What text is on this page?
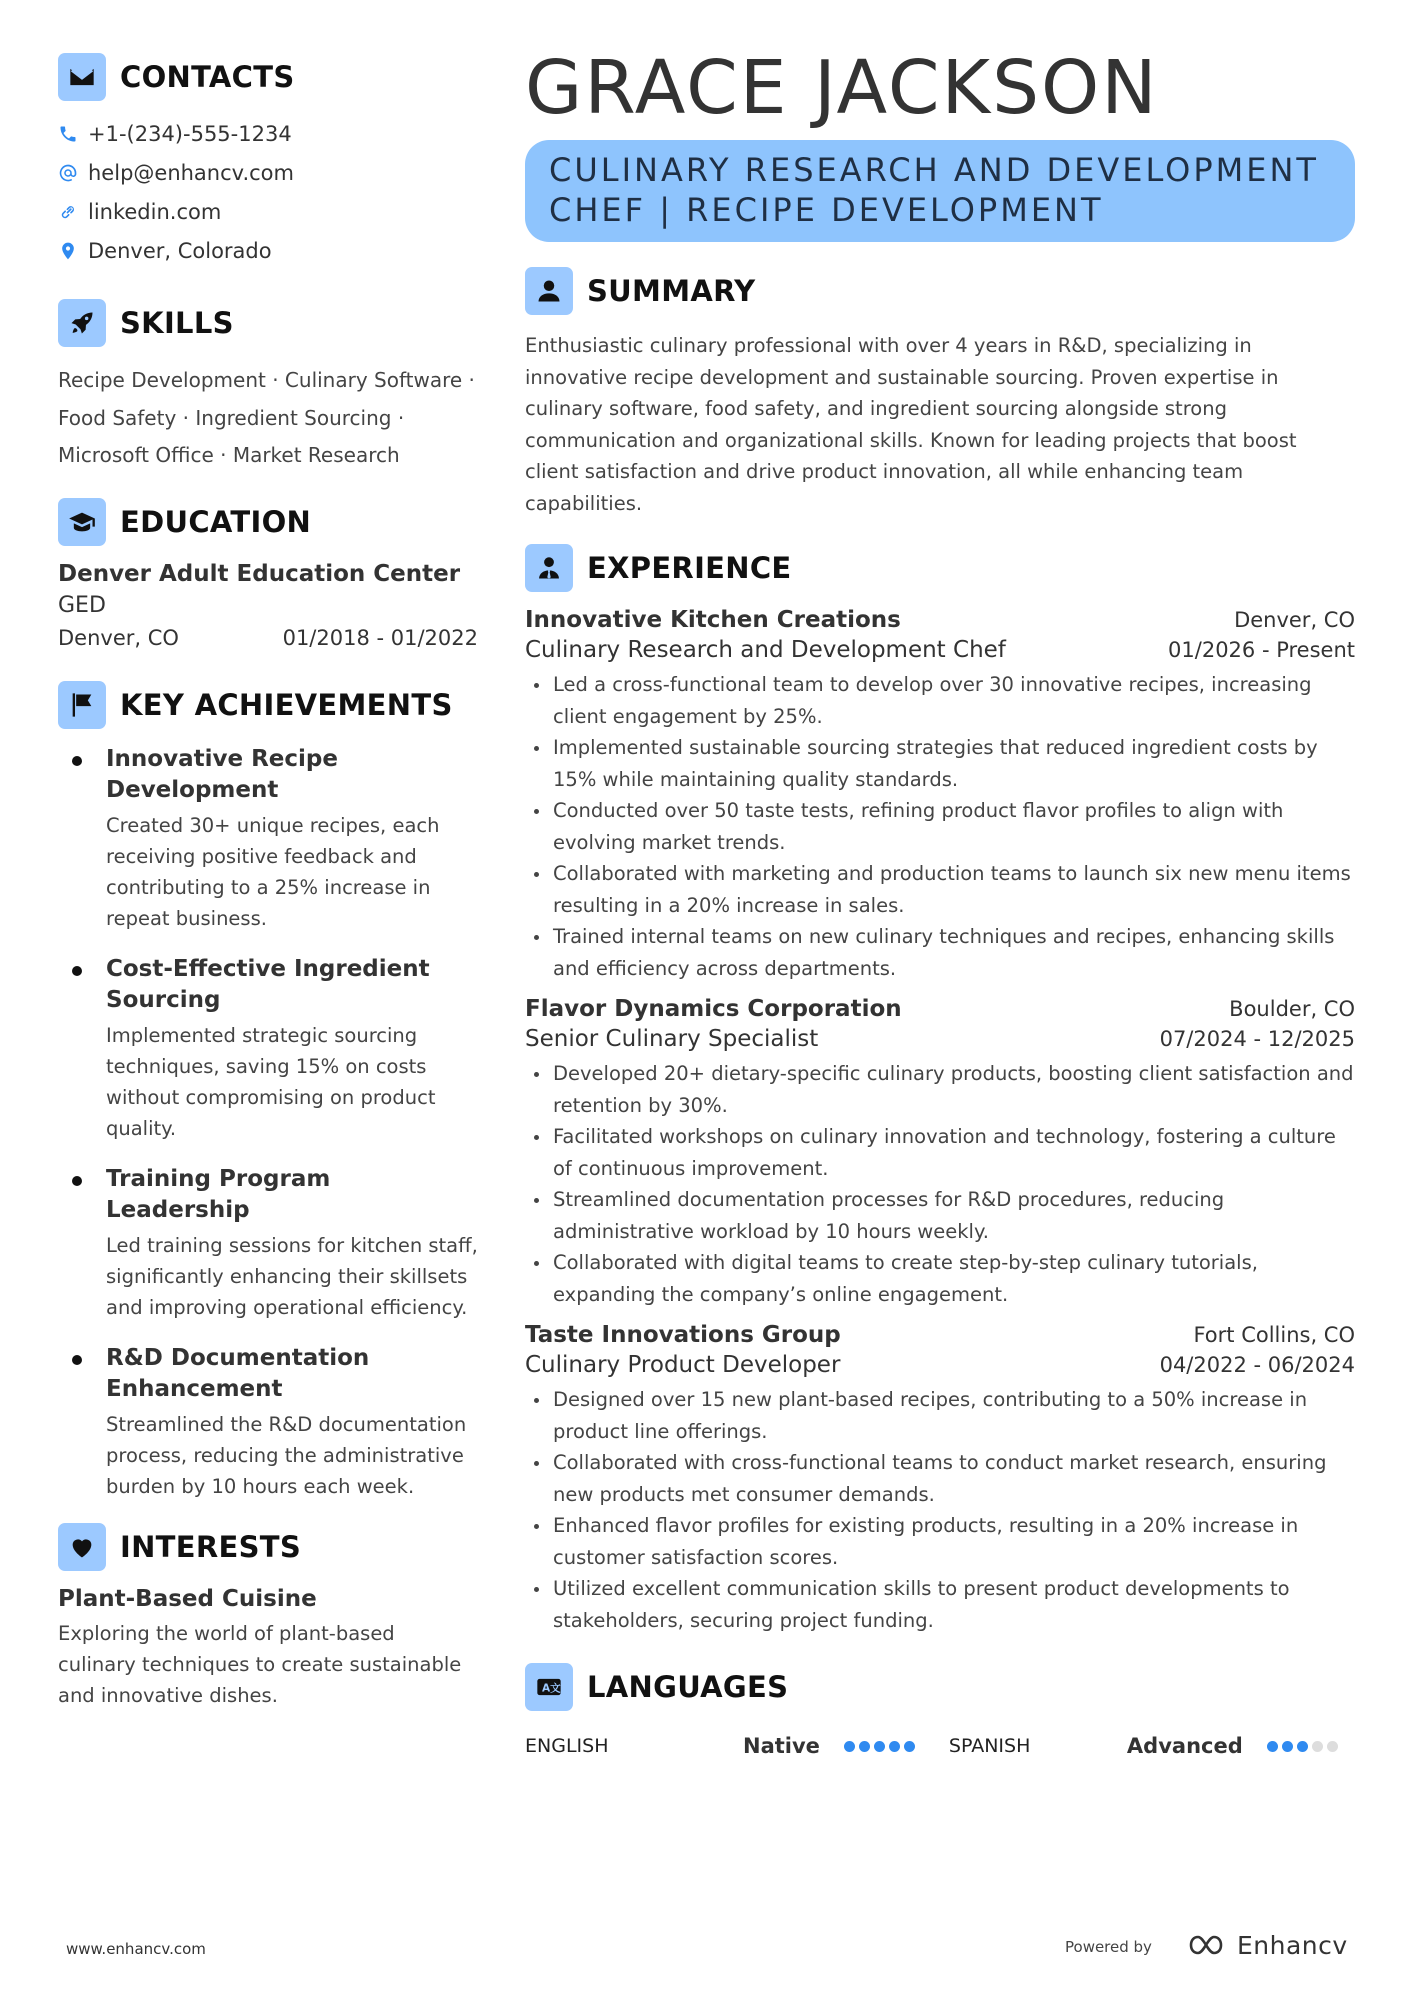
CONTACTS
+1-(234)-555-1234
help@enhancv.com
linkedin.com
Denver, Colorado
SKILLS
Recipe Development · Culinary Software ·
Food Safety · Ingredient Sourcing ·
Microsoft Office · Market Research
EDUCATION
Denver Adult Education Center
GED
Denver, CO	01/2018 - 01/2022
KEY ACHIEVEMENTS
Innovative Recipe Development
Created 30+ unique recipes, each receiving positive feedback and contributing to a 25% increase in repeat business.
Cost-Effective Ingredient Sourcing
Implemented strategic sourcing techniques, saving 15% on costs without compromising on product quality.
Training Program Leadership
Led training sessions for kitchen staff, significantly enhancing their skillsets and improving operational efficiency.
R&D Documentation Enhancement
Streamlined the R&D documentation process, reducing the administrative burden by 10 hours each week.
INTERESTS
Plant-Based Cuisine
Exploring the world of plant-based culinary techniques to create sustainable and innovative dishes.
GRACE JACKSON
CULINARY RESEARCH AND DEVELOPMENT CHEF | RECIPE DEVELOPMENT
SUMMARY
Enthusiastic culinary professional with over 4 years in R&D, specializing in innovative recipe development and sustainable sourcing. Proven expertise in culinary software, food safety, and ingredient sourcing alongside strong communication and organizational skills. Known for leading projects that boost client satisfaction and drive product innovation, all while enhancing team capabilities.
EXPERIENCE
Innovative Kitchen Creations	Denver, CO
Culinary Research and Development Chef	01/2026 - Present
Led a cross-functional team to develop over 30 innovative recipes, increasing client engagement by 25%.
Implemented sustainable sourcing strategies that reduced ingredient costs by 15% while maintaining quality standards.
Conducted over 50 taste tests, refining product flavor profiles to align with evolving market trends.
Collaborated with marketing and production teams to launch six new menu items resulting in a 20% increase in sales.
Trained internal teams on new culinary techniques and recipes, enhancing skills and efficiency across departments.
Flavor Dynamics Corporation	Boulder, CO
Senior Culinary Specialist	07/2024 - 12/2025
Developed 20+ dietary-specific culinary products, boosting client satisfaction and retention by 30%.
Facilitated workshops on culinary innovation and technology, fostering a culture of continuous improvement.
Streamlined documentation processes for R&D procedures, reducing administrative workload by 10 hours weekly.
Collaborated with digital teams to create step-by-step culinary tutorials, expanding the company’s online engagement.
Taste Innovations Group	Fort Collins, CO
Culinary Product Developer	04/2022 - 06/2024
Designed over 15 new plant-based recipes, contributing to a 50% increase in product line offerings.
Collaborated with cross-functional teams to conduct market research, ensuring new products met consumer demands.
Enhanced flavor profiles for existing products, resulting in a 20% increase in customer satisfaction scores.
Utilized excellent communication skills to present product developments to stakeholders, securing project funding.
A 文 LANGUAGES
ENGLISH	Native	SPANISH	Advanced
www.enhancv.com	Powered by	Enhancv
